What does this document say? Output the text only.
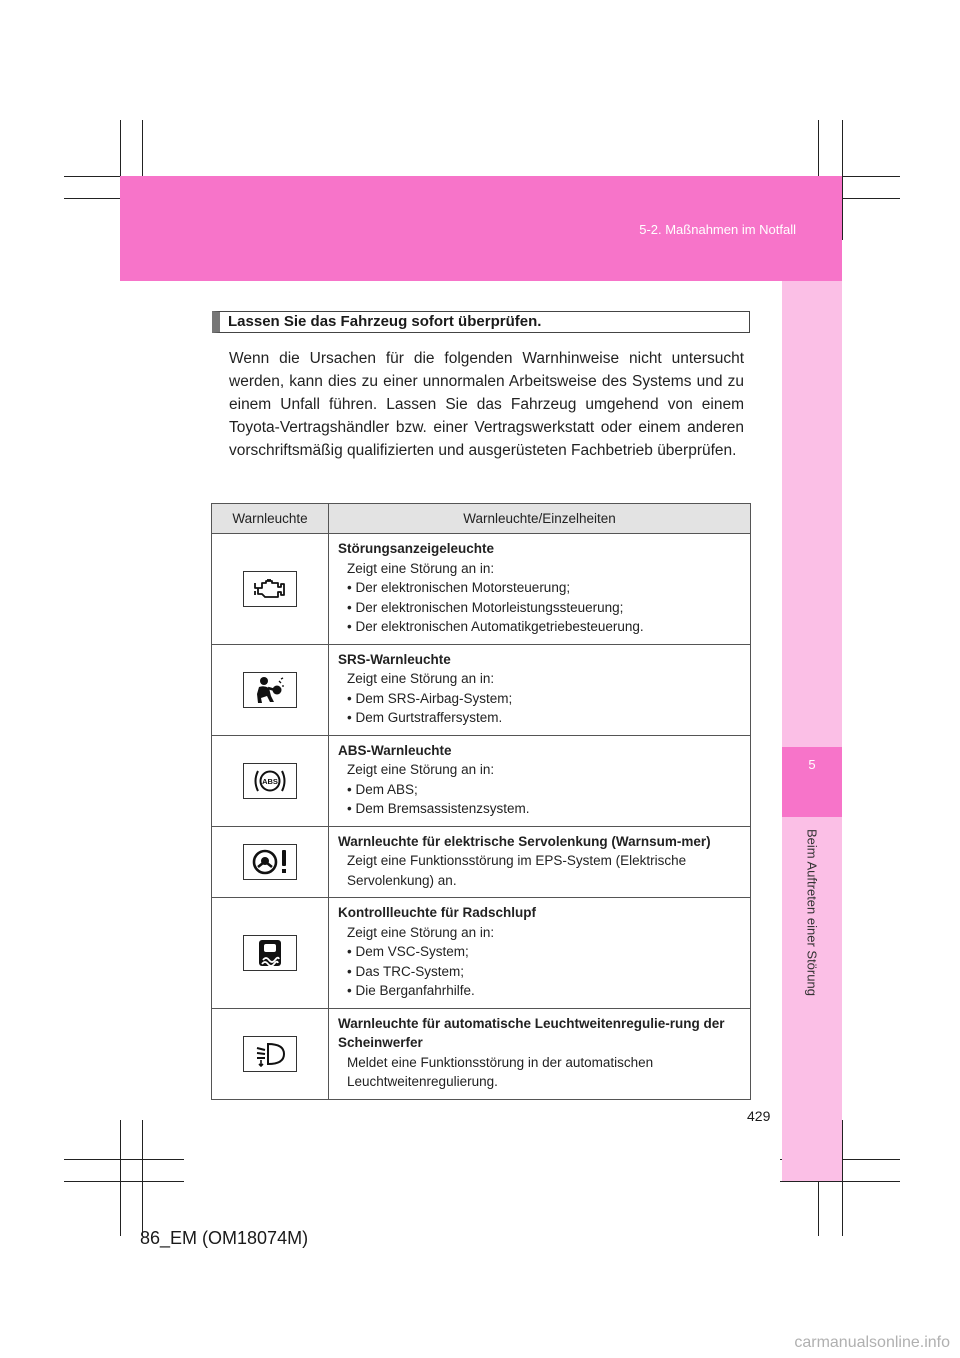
5-2. Maßnahmen im Notfall
5
Beim Auftreten einer Störung
Lassen Sie das Fahrzeug sofort überprüfen.
Wenn die Ursachen für die folgenden Warnhinweise nicht untersucht werden, kann dies zu einer unnormalen Arbeitsweise des Systems und zu einem Unfall führen. Lassen Sie das Fahrzeug umgehend von einem Toyota-Vertragshändler bzw. einer Vertragswerkstatt oder einem anderen vorschriftsmäßig qualifizierten und ausgerüsteten Fachbetrieb überprüfen.
Warnleuchte	Warnleuchte/Einzelheiten

Störungsanzeigeleuchte
Zeigt eine Störung an in:
• Der elektronischen Motorsteuerung;
• Der elektronischen Motorleistungssteuerung;
• Der elektronischen Automatikgetriebesteuerung.

SRS-Warnleuchte
Zeigt eine Störung an in:
• Dem SRS-Airbag-System;
• Dem Gurtstraffersystem.

ABS	ABS-Warnleuchte
Zeigt eine Störung an in:
• Dem ABS;
• Dem Bremsassistenzsystem.

Warnleuchte für elektrische Servolenkung (Warnsum-mer)
Zeigt eine Funktionsstörung im EPS-System (Elektrische Servolenkung) an.

Kontrollleuchte für Radschlupf
Zeigt eine Störung an in:
• Dem VSC-System;
• Das TRC-System;
• Die Berganfahrhilfe.

Warnleuchte für automatische Leuchtweitenregulie-rung der Scheinwerfer
Meldet eine Funktionsstörung in der automatischen Leuchtweitenregulierung.
429
86_EM (OM18074M)
carmanualsonline.info
